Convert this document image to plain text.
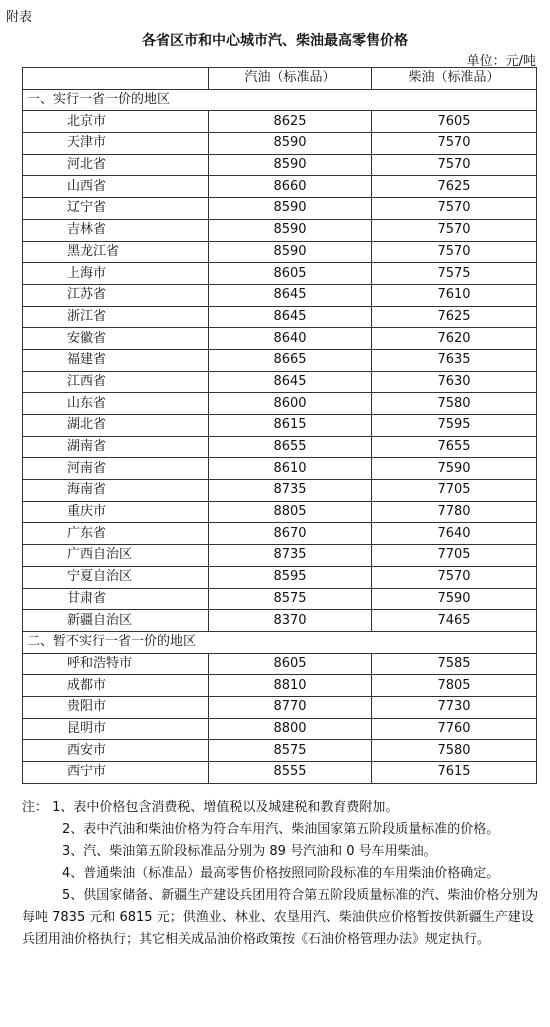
附表
各省区市和中心城市汽、柴油最高零售价格
单位：元/吨
	汽油（标准品）	柴油（标准品）
一、实行一省一价的地区		
北京市	8625	7605
天津市	8590	7570
河北省	8590	7570
山西省	8660	7625
辽宁省	8590	7570
吉林省	8590	7570
黑龙江省	8590	7570
上海市	8605	7575
江苏省	8645	7610
浙江省	8645	7625
安徽省	8640	7620
福建省	8665	7635
江西省	8645	7630
山东省	8600	7580
湖北省	8615	7595
湖南省	8655	7655
河南省	8610	7590
海南省	8735	7705
重庆市	8805	7780
广东省	8670	7640
广西自治区	8735	7705
宁夏自治区	8595	7570
甘肃省	8575	7590
新疆自治区	8370	7465
二、暂不实行一省一价的地区		
呼和浩特市	8605	7585
成都市	8810	7805
贵阳市	8770	7730
昆明市	8800	7760
西安市	8575	7580
西宁市	8555	7615

注： 1、表中价格包含消费税、增值税以及城建税和教育费附加。

2、表中汽油和柴油价格为符合车用汽、柴油国家第五阶段质量标准的价格。

3、汽、柴油第五阶段标准品分别为 89 号汽油和 0 号车用柴油。

4、普通柴油（标准品）最高零售价格按照同阶段标准的车用柴油价格确定。

5、供国家储备、新疆生产建设兵团用符合第五阶段质量标准的汽、柴油价格分别为每吨 7835 元和 6815 元；供渔业、林业、农垦用汽、柴油供应价格暂按供新疆生产建设兵团用油价格执行；其它相关成品油价格政策按《石油价格管理办法》规定执行。
